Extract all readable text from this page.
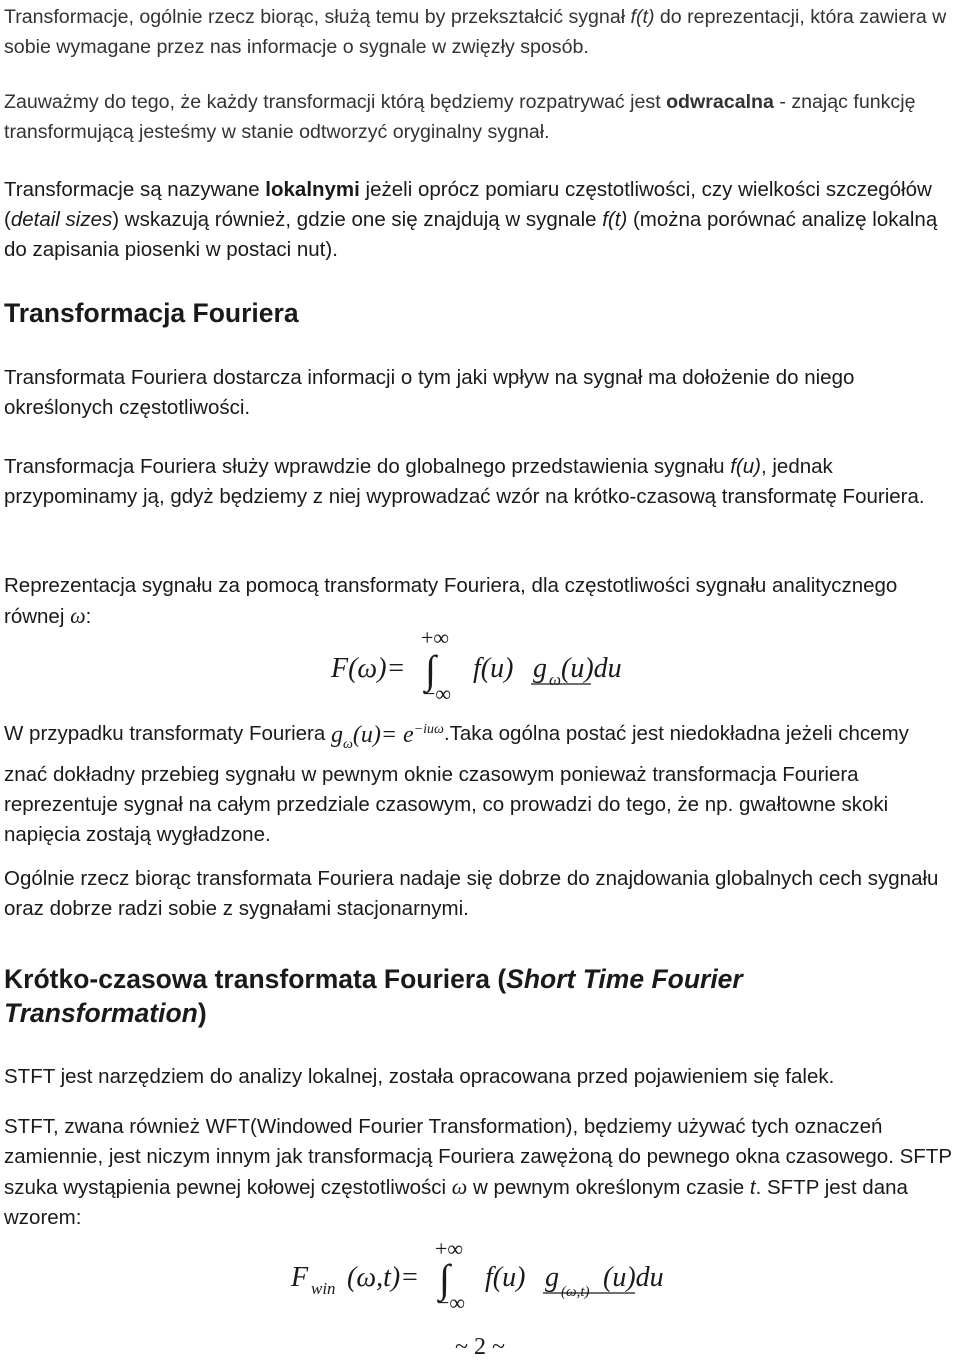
Transformacje, ogólnie rzecz biorąc, służą temu by przekształcić sygnał f(t) do reprezentacji, która zawiera w sobie wymagane przez nas informacje o sygnale w zwięzły sposób.

Zauważmy do tego, że każdy transformacji którą będziemy rozpatrywać jest odwracalna - znając funkcję transformującą jesteśmy w stanie odtworzyć oryginalny sygnał.

Transformacje są nazywane lokalnymi jeżeli oprócz pomiaru częstotliwości, czy wielkości szczegółów (detail sizes) wskazują również, gdzie one się znajdują w sygnale f(t) (można porównać analizę lokalną do zapisania piosenki w postaci nut).

Transformacja Fouriera

Transformata Fouriera dostarcza informacji o tym jaki wpływ na sygnał ma dołożenie do niego określonych częstotliwości.

Transformacja Fouriera służy wprawdzie do globalnego przedstawienia sygnału f(u), jednak przypominamy ją, gdyż będziemy z niej wyprowadzać wzór na krótko-czasową transformatę Fouriera.

Reprezentacja sygnału za pomocą transformaty Fouriera, dla częstotliwości sygnału analitycznego równej ω:

F(ω)=
+∞
∫
−∞
f(u) g ω (u)du

W przypadku transformaty Fouriera $g_\omega(u)=$ $e^{-iu\omega}.Taka$ ogólna postać jest niedokładna jeżeli chcemy znać dokładny przebieg sygnału w pewnym oknie czasowym ponieważ transformacja Fouriera reprezentuje sygnał na całym przedziale czasowym, co prowadzi do tego, że np. gwałtowne skoki napięcia zostają wygładzone.

Ogólnie rzecz biorąc transformata Fouriera nadaje się dobrze do znajdowania globalnych cech sygnału oraz dobrze radzi sobie z sygnałami stacjonarnymi.

Krótko-czasowa transformata Fouriera (Short Time Fourier Transformation)

STFT jest narzędziem do analizy lokalnej, została opracowana przed pojawieniem się falek.

STFT, zwana również WFT(Windowed Fourier Transformation), będziemy używać tych oznaczeń zamiennie, jest niczym innym jak transformacją Fouriera zawężoną do pewnego okna czasowego. SFTP szuka wystąpienia pewnej kołowej częstotliwości ω w pewnym określonym czasie t. SFTP jest dana wzorem:

F win (ω,t)=
+∞
∫
−∞
f(u) g (ω,t) (u)du
~ 2 ~
